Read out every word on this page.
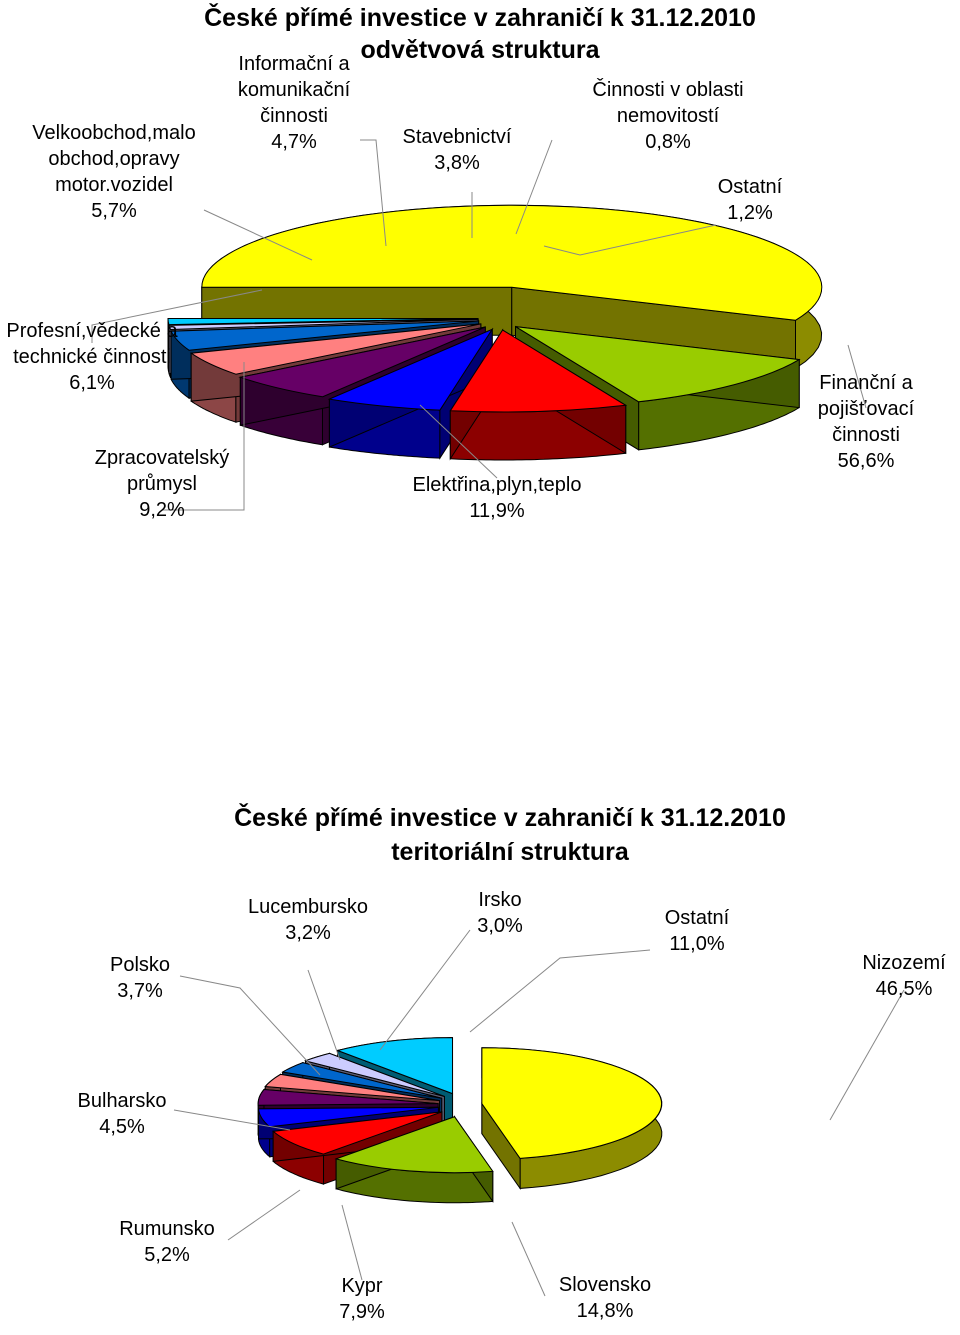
České přímé investice v zahraničí k 31.12.2010
odvětvová struktura
České přímé investice v zahraničí k 31.12.2010
teritoriální struktura
Finanční a
pojišťovací
činnosti
56,6%
Elektřina,plyn,teplo
11,9%
Zpracovatelský
průmysl
9,2%
Profesní,vědecké a
technické činnosti
6,1%
Velkoobchod,malo
obchod,opravy
motor.vozidel
5,7%
Informační a
komunikační
činnosti
4,7%	Stavebnictví
3,8%
Činnosti v oblasti
nemovitostí
0,8%
Ostatní
1,2%
Nizozemí
46,5%
Slovensko
14,8%
Kypr
7,9%
Rumunsko
5,2%
Bulharsko
4,5%
Polsko
3,7%
Lucembursko
3,2%
Irsko
3,0%	Ostatní
11,0%
